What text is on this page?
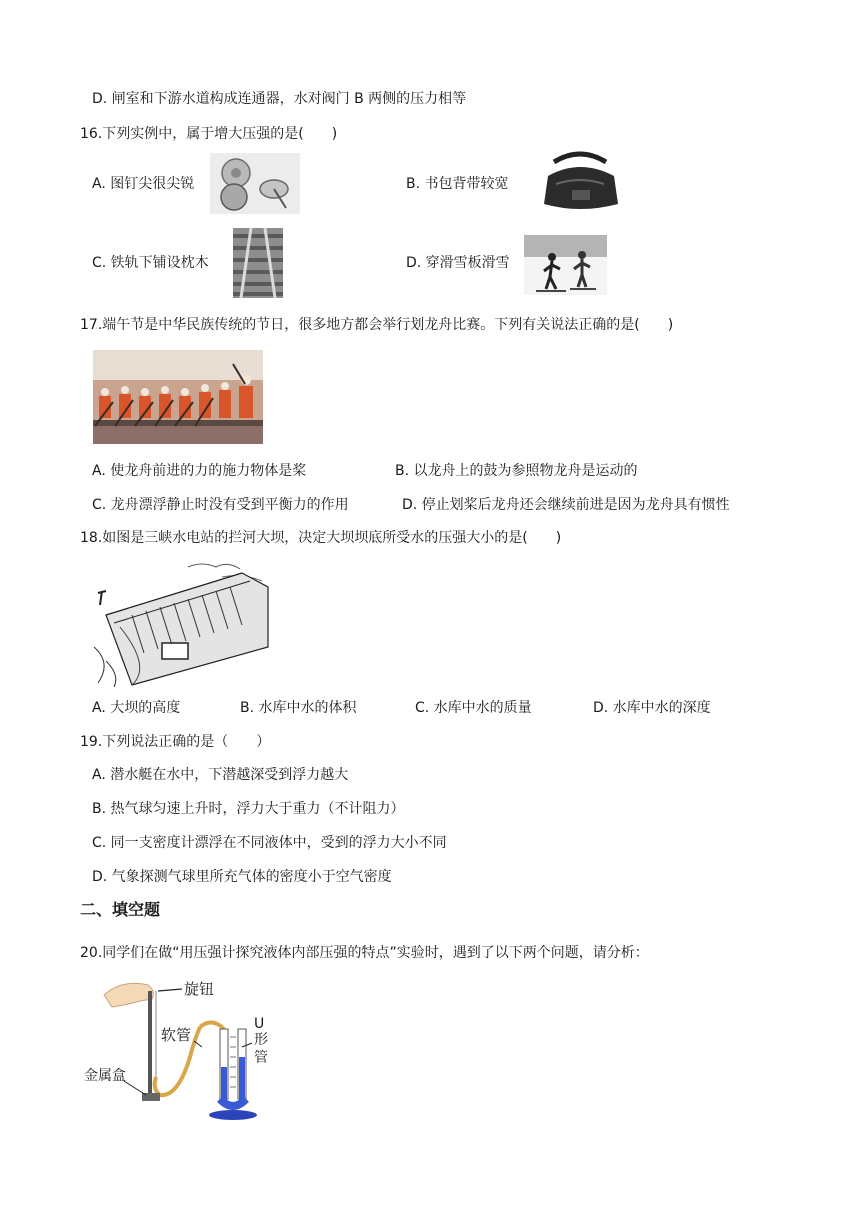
D. 闸室和下游水道构成连通器，水对阀门 B 两侧的压力相等
16.下列实例中，属于增大压强的是(　　)
A. 图钉尖很尖锐	B. 书包背带较宽
C. 铁轨下铺设枕木	D. 穿滑雪板滑雪
17.端午节是中华民族传统的节日，很多地方都会举行划龙舟比赛。下列有关说法正确的是(　　)
A. 使龙舟前进的力的施力物体是桨	B. 以龙舟上的鼓为参照物龙舟是运动的
C. 龙舟漂浮静止时没有受到平衡力的作用	D. 停止划桨后龙舟还会继续前进是因为龙舟具有惯性
18.如图是三峡水电站的拦河大坝，决定大坝坝底所受水的压强大小的是(　　)
A. 大坝的高度	B. 水库中水的体积	C. 水库中水的质量	D. 水库中水的深度
19.下列说法正确的是（　　）
A. 潜水艇在水中，下潜越深受到浮力越大
B. 热气球匀速上升时，浮力大于重力（不计阻力）
C. 同一支密度计漂浮在不同液体中，受到的浮力大小不同
D. 气象探测气球里所充气体的密度小于空气密度
二、填空题
20.同学们在做“用压强计探究液体内部压强的特点”实验时，遇到了以下两个问题，请分析：
旋钮
软管
金属盒
U
形
管
